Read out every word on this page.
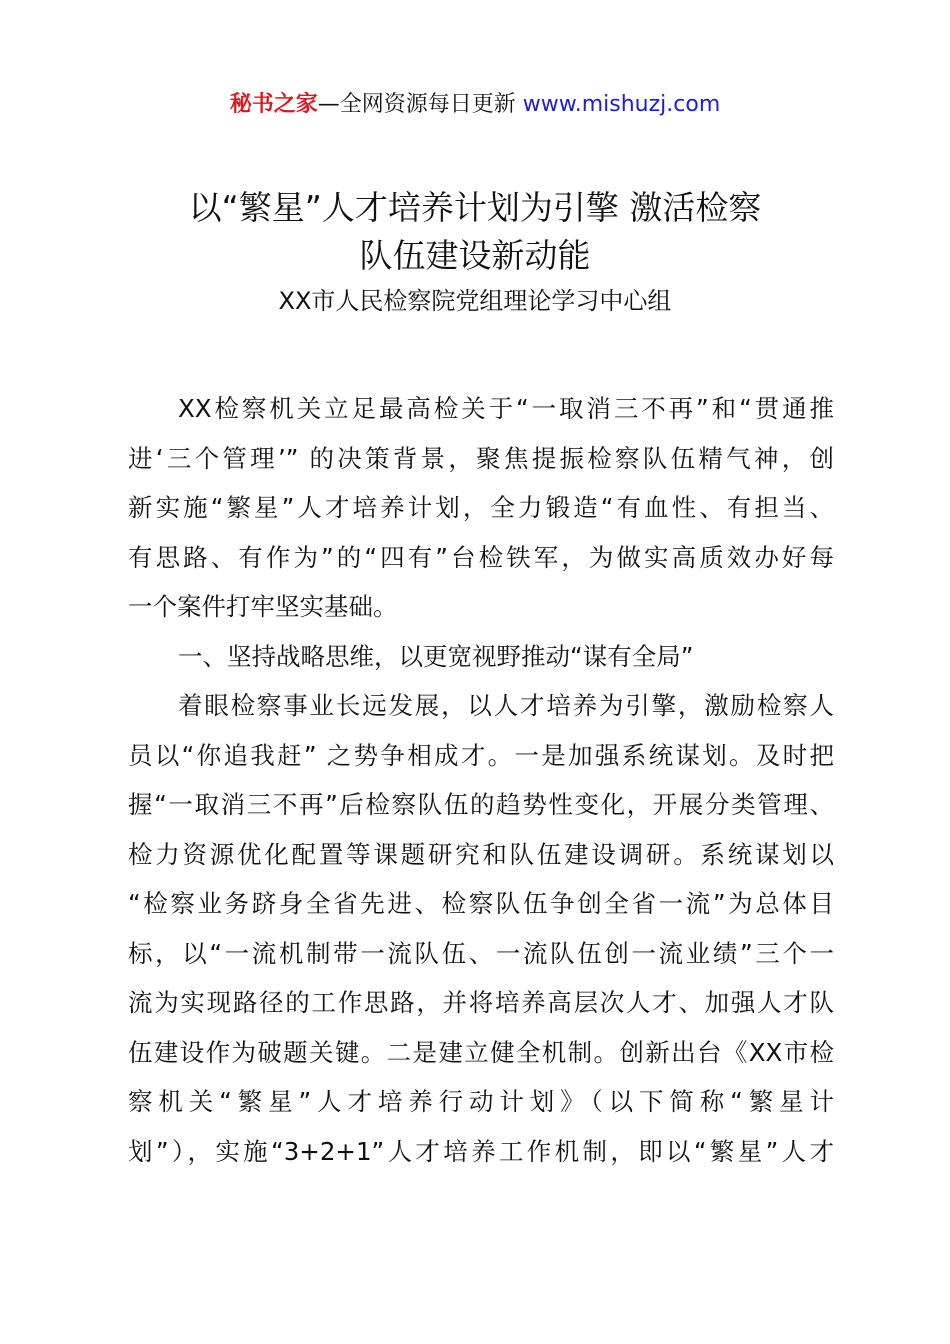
秘书之家—全网资源每日更新 www.mishuzj.com
以“繁星”人才培养计划为引擎 激活检察
队伍建设新动能
XX市人民检察院党组理论学习中心组
XX检察机关立足最高检关于“一取消三不再”和“贯通推
进‘三个管理’” 的决策背景，聚焦提振检察队伍精气神，创
新实施“繁星”人才培养计划，全力锻造“有血性、有担当、
有思路、有作为”的“四有”台检铁军，为做实高质效办好每
一个案件打牢坚实基础。
一、坚持战略思维，以更宽视野推动“谋有全局”
着眼检察事业长远发展，以人才培养为引擎，激励检察人
员以“你追我赶” 之势争相成才。一是加强系统谋划。及时把
握“一取消三不再”后检察队伍的趋势性变化，开展分类管理、
检力资源优化配置等课题研究和队伍建设调研。系统谋划以
“检察业务跻身全省先进、检察队伍争创全省一流”为总体目
标，以“一流机制带一流队伍、一流队伍创一流业绩”三个一
流为实现路径的工作思路，并将培养高层次人才、加强人才队
伍建设作为破题关键。二是建立健全机制。创新出台《XX市检
察机关“繁星”人才培养行动计划》（以下简称“繁星计
划”），实施“3+2+1”人才培养工作机制，即以“繁星”人才
